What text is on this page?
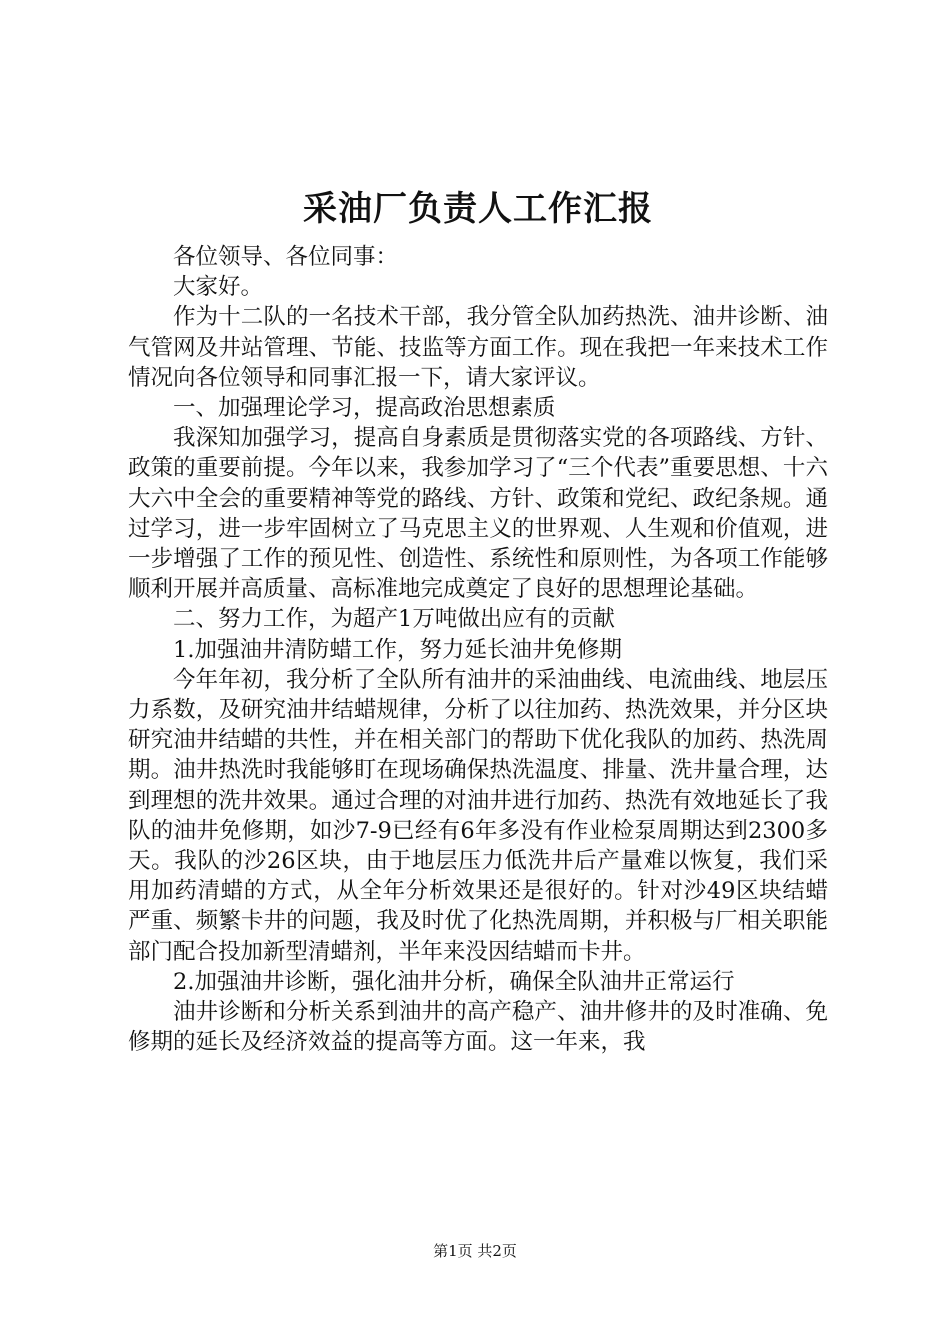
采油厂负责人工作汇报

各位领导、各位同事：

大家好。

作为十二队的一名技术干部，我分管全队加药热洗、油井诊断、油气管网及井站管理、节能、技监等方面工作。现在我把一年来技术工作情况向各位领导和同事汇报一下，请大家评议。

一、加强理论学习，提高政治思想素质

我深知加强学习，提高自身素质是贯彻落实党的各项路线、方针、政策的重要前提。今年以来，我参加学习了“三个代表”重要思想、十六大六中全会的重要精神等党的路线、方针、政策和党纪、政纪条规。通过学习，进一步牢固树立了马克思主义的世界观、人生观和价值观，进一步增强了工作的预见性、创造性、系统性和原则性，为各项工作能够顺利开展并高质量、高标准地完成奠定了良好的思想理论基础。

二、努力工作，为超产1万吨做出应有的贡献

1.加强油井清防蜡工作，努力延长油井免修期

今年年初，我分析了全队所有油井的采油曲线、电流曲线、地层压力系数，及研究油井结蜡规律，分析了以往加药、热洗效果，并分区块研究油井结蜡的共性，并在相关部门的帮助下优化我队的加药、热洗周期。油井热洗时我能够盯在现场确保热洗温度、排量、洗井量合理，达到理想的洗井效果。通过合理的对油井进行加药、热洗有效地延长了我队的油井免修期，如沙7-9已经有6年多没有作业检泵周期达到2300多天。我队的沙26区块，由于地层压力低洗井后产量难以恢复，我们采用加药清蜡的方式，从全年分析效果还是很好的。针对沙49区块结蜡严重、频繁卡井的问题，我及时优了化热洗周期，并积极与厂相关职能部门配合投加新型清蜡剂，半年来没因结蜡而卡井。

2.加强油井诊断，强化油井分析，确保全队油井正常运行

油井诊断和分析关系到油井的高产稳产、油井修井的及时准确、免修期的延长及经济效益的提高等方面。这一年来，我

第1页 共2页
